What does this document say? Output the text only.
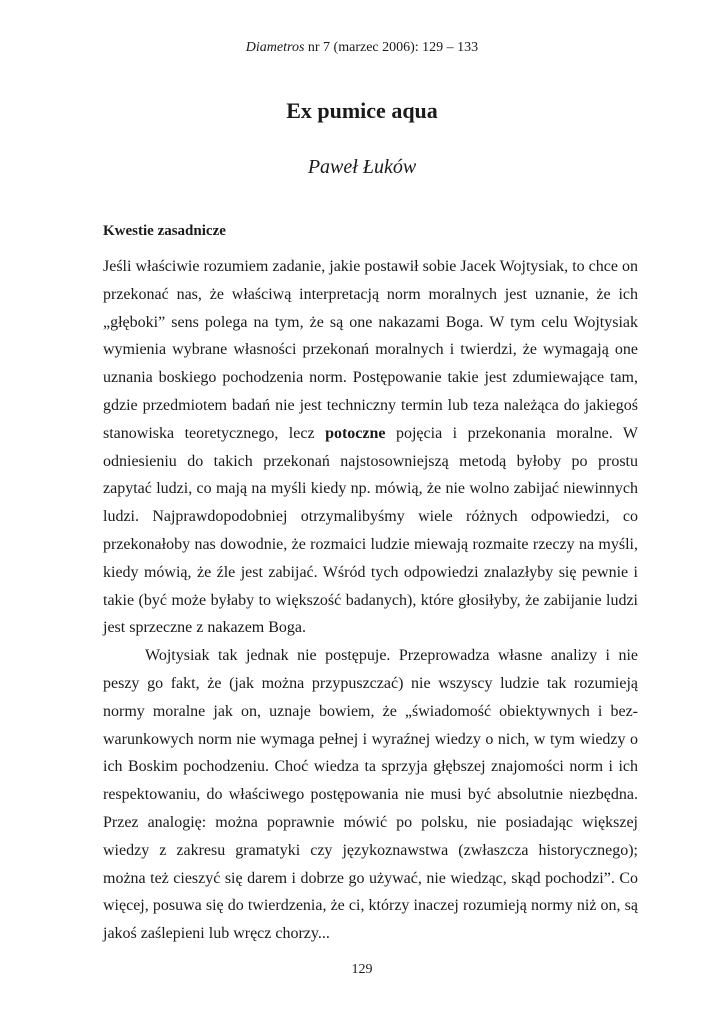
Diametros nr 7 (marzec 2006): 129 – 133
Ex pumice aqua
Paweł Łuków
Kwestie zasadnicze

Jeśli właściwie rozumiem zadanie, jakie postawił sobie Jacek Wojtysiak, to chce on przekonać nas, że właściwą interpretacją norm moralnych jest uznanie, że ich „głęboki” sens polega na tym, że są one nakazami Boga. W tym celu Wojtysiak wymienia wybrane własności przekonań moralnych i twierdzi, że wymagają one uznania boskiego pochodzenia norm. Postępowanie takie jest zdumiewające tam, gdzie przedmiotem badań nie jest techniczny termin lub teza należąca do jakiegoś stanowiska teoretycznego, lecz potoczne pojęcia i przekonania moralne. W odniesieniu do takich przekonań najstosowniejszą metodą byłoby po prostu zapytać ludzi, co mają na myśli kiedy np. mówią, że nie wolno zabijać niewinnych ludzi. Najprawdopodobniej otrzymalibyśmy wiele różnych odpowiedzi, co przekonałoby nas dowodnie, że rozmaici ludzie miewają rozmaite rzeczy na myśli, kiedy mówią, że źle jest zabijać. Wśród tych odpowiedzi znalazłyby się pewnie i takie (być może byłaby to większość badanych), które głosiłyby, że zabijanie ludzi jest sprzeczne z nakazem Boga.

Wojtysiak tak jednak nie postępuje. Przeprowadza własne analizy i nie peszy go fakt, że (jak można przypuszczać) nie wszyscy ludzie tak rozumieją normy moralne jak on, uznaje bowiem, że „świadomość obiektywnych i bez-warunkowych norm nie wymaga pełnej i wyraźnej wiedzy o nich, w tym wiedzy o ich Boskim pochodzeniu. Choć wiedza ta sprzyja głębszej znajomości norm i ich respektowaniu, do właściwego postępowania nie musi być absolutnie niezbędna. Przez analogię: można poprawnie mówić po polsku, nie posiadając większej wiedzy z zakresu gramatyki czy językoznawstwa (zwłaszcza historycznego); można też cieszyć się darem i dobrze go używać, nie wiedząc, skąd pochodzi”. Co więcej, posuwa się do twierdzenia, że ci, którzy inaczej rozumieją normy niż on, są jakoś zaślepieni lub wręcz chorzy...

129
